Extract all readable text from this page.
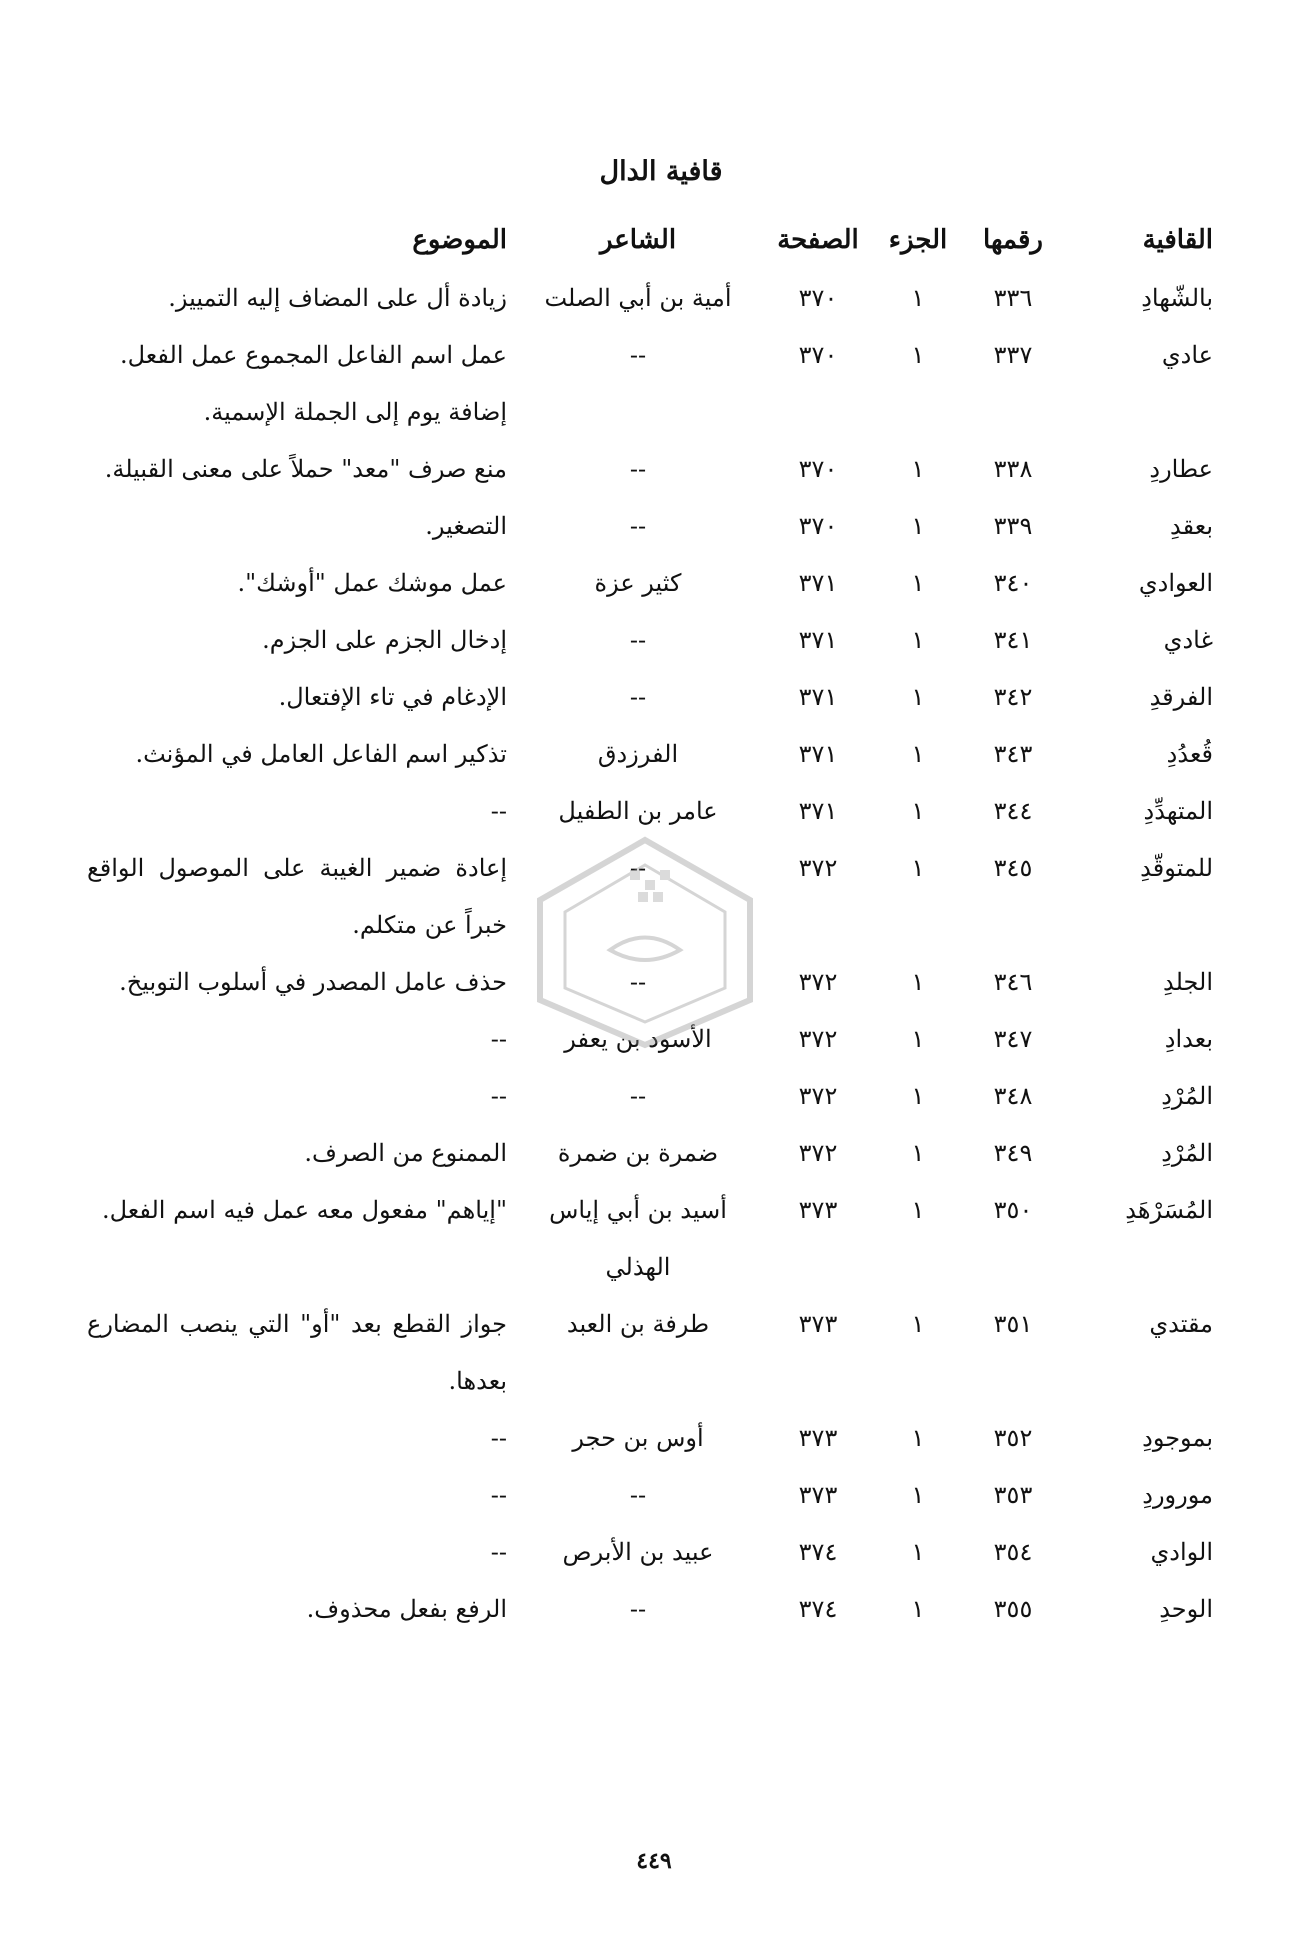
قافية الدال
القافية	رقمها	الجزء	الصفحة	الشاعر	الموضوع
بالشّهادِ	٣٣٦	١	٣٧٠	أمية بن أبي الصلت	زيادة أل على المضاف إليه التمييز.
عادي	٣٣٧	١	٣٧٠	--	عمل اسم الفاعل المجموع عمل الفعل.
					إضافة يوم إلى الجملة الإسمية.
عطاردِ	٣٣٨	١	٣٧٠	--	منع صرف "معد" حملاً على معنى القبيلة.
بعقدِ	٣٣٩	١	٣٧٠	--	التصغير.
العوادي	٣٤٠	١	٣٧١	كثير عزة	عمل موشك عمل "أوشك".
غادي	٣٤١	١	٣٧١	--	إدخال الجزم على الجزم.
الفرقدِ	٣٤٢	١	٣٧١	--	الإدغام في تاء الإفتعال.
قُعدُدِ	٣٤٣	١	٣٧١	الفرزدق	تذكير اسم الفاعل العامل في المؤنث.
المتهدِّدِ	٣٤٤	١	٣٧١	عامر بن الطفيل	--
للمتوقّدِ	٣٤٥	١	٣٧٢	--	إعادة ضمير الغيبة على الموصول الواقع خبراً عن متكلم.
الجلدِ	٣٤٦	١	٣٧٢	--	حذف عامل المصدر في أسلوب التوبيخ.
بعدادِ	٣٤٧	١	٣٧٢	الأسود بن يعفر	--
المُرْدِ	٣٤٨	١	٣٧٢	--	--
المُرْدِ	٣٤٩	١	٣٧٢	ضمرة بن ضمرة	الممنوع من الصرف.
المُسَرْهَدِ	٣٥٠	١	٣٧٣	أسيد بن أبي إياس الهذلي	"إياهم" مفعول معه عمل فيه اسم الفعل.
مقتدي	٣٥١	١	٣٧٣	طرفة بن العبد	جواز القطع بعد "أو" التي ينصب المضارع بعدها.
بموجودِ	٣٥٢	١	٣٧٣	أوس بن حجر	--
موروردِ	٣٥٣	١	٣٧٣	--	--
الوادي	٣٥٤	١	٣٧٤	عبيد بن الأبرص	--
الوحدِ	٣٥٥	١	٣٧٤	--	الرفع بفعل محذوف.
٤٤٩
